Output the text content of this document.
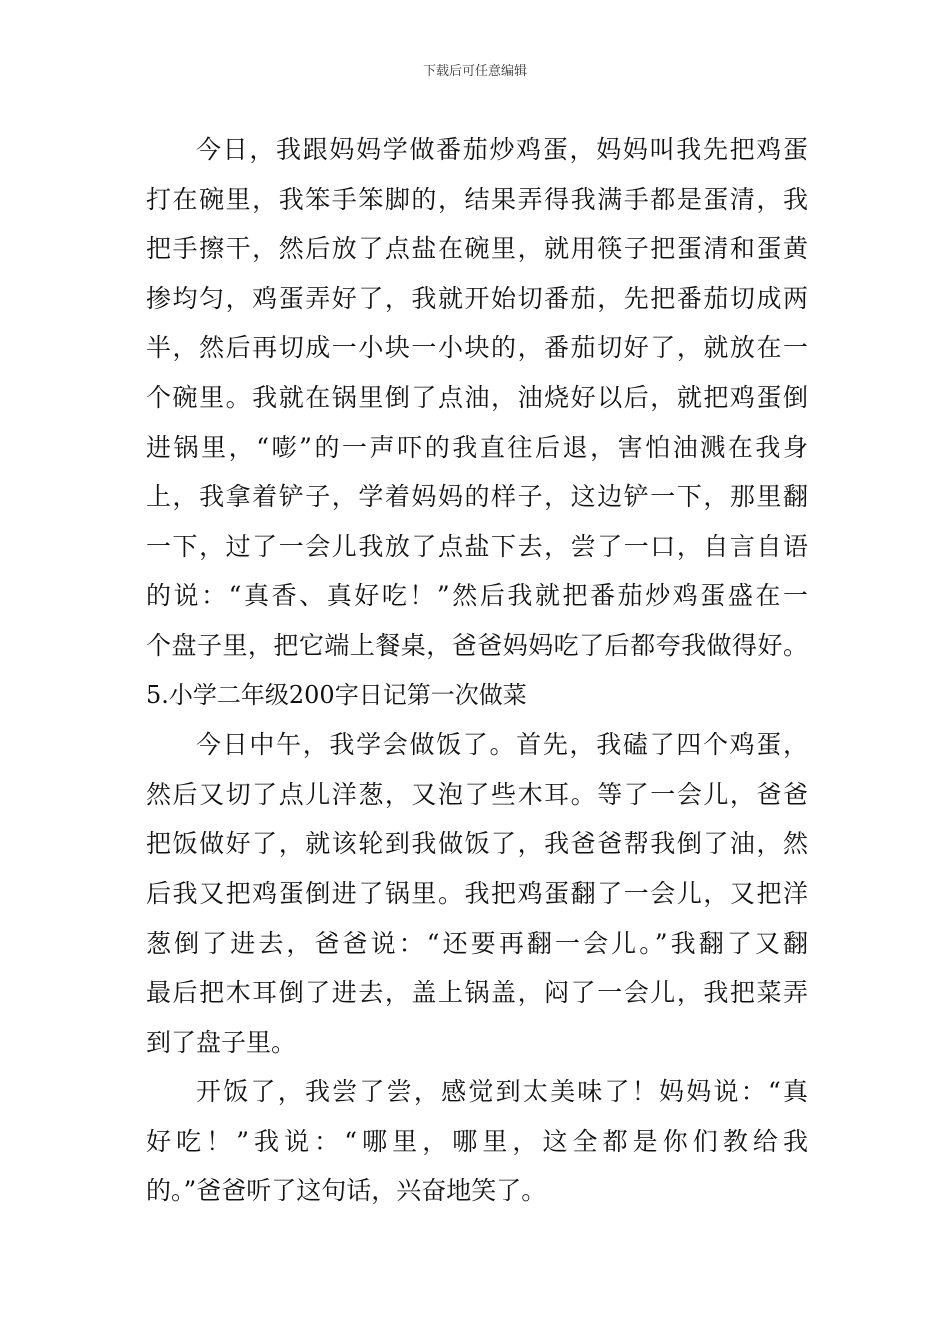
下载后可任意编辑
今日，我跟妈妈学做番茄炒鸡蛋，妈妈叫我先把鸡蛋
打在碗里，我笨手笨脚的，结果弄得我满手都是蛋清，我
把手擦干，然后放了点盐在碗里，就用筷子把蛋清和蛋黄
掺均匀，鸡蛋弄好了，我就开始切番茄，先把番茄切成两
半，然后再切成一小块一小块的，番茄切好了，就放在一
个碗里。我就在锅里倒了点油，油烧好以后，就把鸡蛋倒
进锅里，“嘭”的一声吓的我直往后退，害怕油溅在我身
上，我拿着铲子，学着妈妈的样子，这边铲一下，那里翻
一下，过了一会儿我放了点盐下去，尝了一口，自言自语
的说：“真香、真好吃！”然后我就把番茄炒鸡蛋盛在一
个盘子里，把它端上餐桌，爸爸妈妈吃了后都夸我做得好。
5.小学二年级200字日记第一次做菜
今日中午，我学会做饭了。首先，我磕了四个鸡蛋，
然后又切了点儿洋葱，又泡了些木耳。等了一会儿，爸爸
把饭做好了，就该轮到我做饭了，我爸爸帮我倒了油，然
后我又把鸡蛋倒进了锅里。我把鸡蛋翻了一会儿，又把洋
葱倒了进去，爸爸说：“还要再翻一会儿。”我翻了又翻
最后把木耳倒了进去，盖上锅盖，闷了一会儿，我把菜弄
到了盘子里。
开饭了，我尝了尝，感觉到太美味了！妈妈说：“真
好吃！”我说：“哪里，哪里，这全都是你们教给我
的。”爸爸听了这句话，兴奋地笑了。
